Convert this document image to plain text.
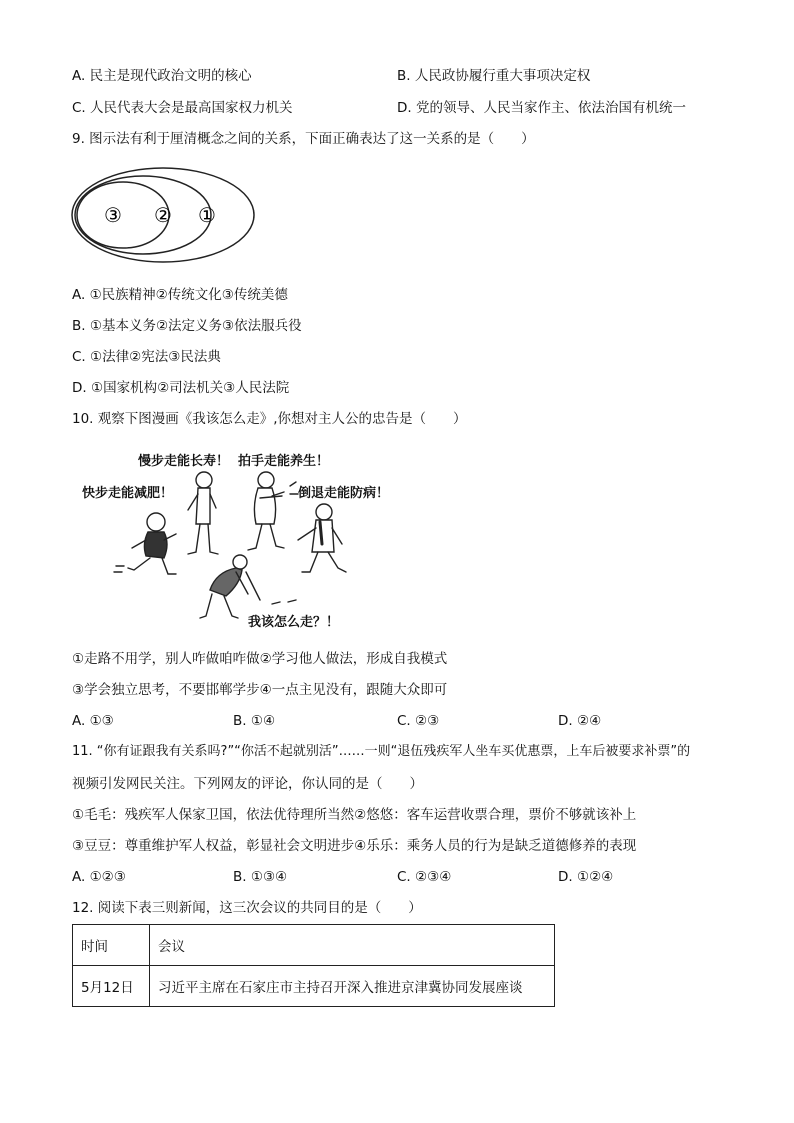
A. 民主是现代政治文明的核心	B. 人民政协履行重大事项决定权
C. 人民代表大会是最高国家权力机关	D. 党的领导、人民当家作主、依法治国有机统一
9. 图示法有利于厘清概念之间的关系，下面正确表达了这一关系的是（　　）
③ ② ①
A. ①民族精神②传统文化③传统美德
B. ①基本义务②法定义务③依法服兵役
C. ①法律②宪法③民法典
D. ①国家机构②司法机关③人民法院
10. 观察下图漫画《我该怎么走》,你想对主人公的忠告是（　　）
慢步走能长寿！ 拍手走能养生！
快步走能减肥！	倒退走能防病！
我该怎么走？！
①走路不用学，别人咋做咱咋做②学习他人做法，形成自我模式
③学会独立思考，不要邯郸学步④一点主见没有，跟随大众即可
A. ①③	B. ①④	C. ②③	D. ②④
11. “你有证跟我有关系吗?”“你活不起就别活”……一则“退伍残疾军人坐车买优惠票，上车后被要求补票”的
视频引发网民关注。下列网友的评论，你认同的是（　　）
①毛毛：残疾军人保家卫国，依法优待理所当然②悠悠：客车运营收票合理，票价不够就该补上
③豆豆：尊重维护军人权益，彰显社会文明进步④乐乐：乘务人员的行为是缺乏道德修养的表现
A. ①②③	B. ①③④	C. ②③④	D. ①②④
12. 阅读下表三则新闻，这三次会议的共同目的是（　　）
时间	会议
5月12日	习近平主席在石家庄市主持召开深入推进京津冀协同发展座谈
